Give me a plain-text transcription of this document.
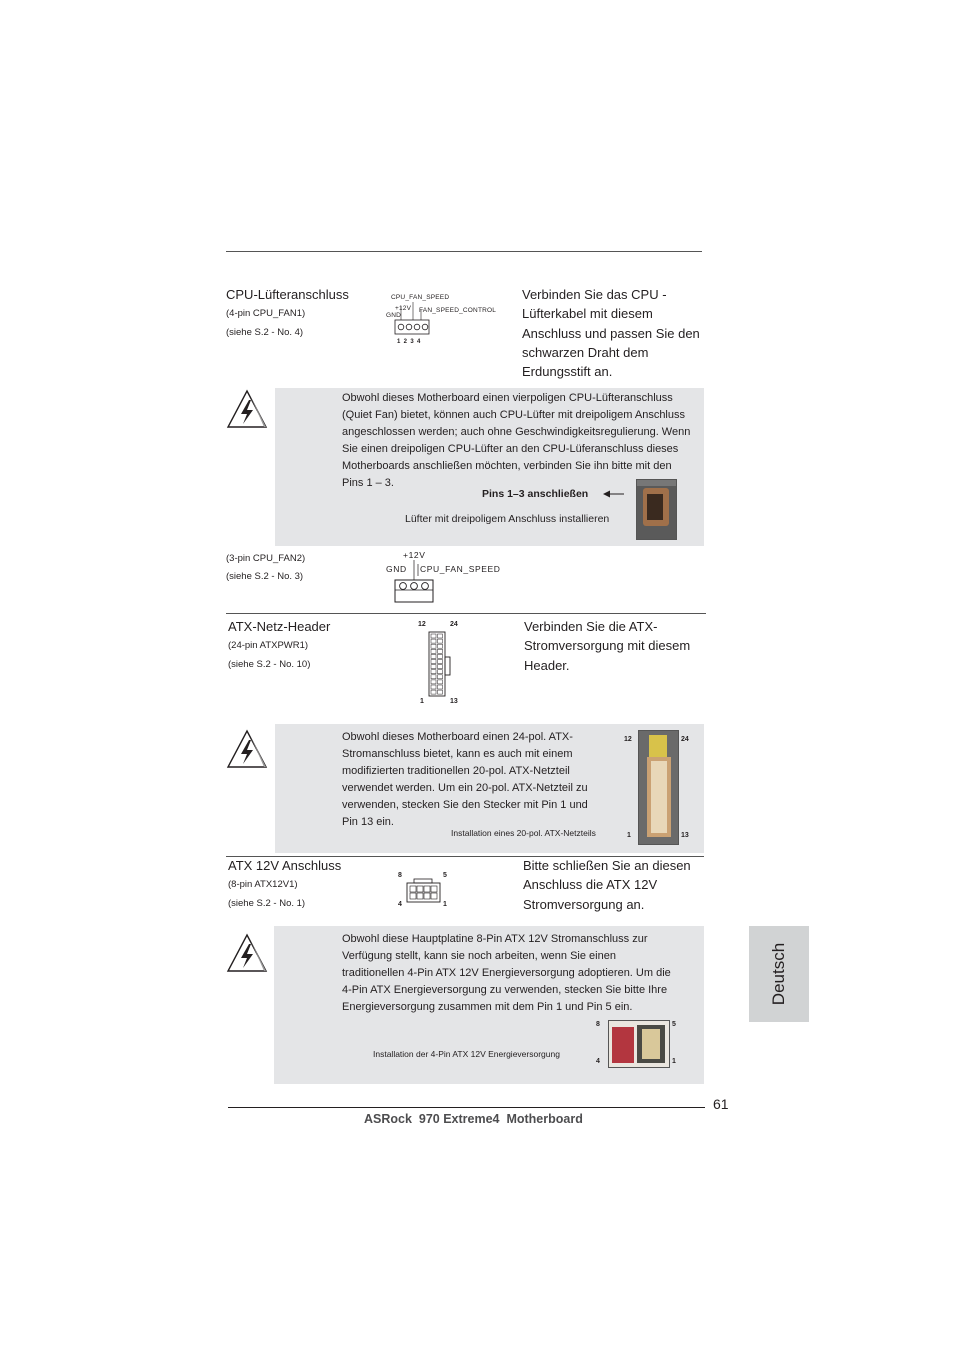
CPU-Lüfteranschluss
(4-pin CPU_FAN1)
(siehe S.2 - No. 4)
CPU_FAN_SPEED
+12V
GND
FAN_SPEED_CONTROL
1  2  3  4
Verbinden Sie das CPU -
Lüfterkabel mit diesem
Anschluss und passen Sie den
schwarzen Draht dem
Erdungsstift an.
Obwohl dieses Motherboard einen vierpoligen CPU-Lüfteranschluss
(Quiet Fan) bietet, können auch CPU-Lüfter mit dreipoligem Anschluss
angeschlossen werden; auch ohne Geschwindigkeitsregulierung. Wenn
Sie einen dreipoligen CPU-Lüfter an den CPU-Lüferanschluss dieses
Motherboards anschließen möchten, verbinden Sie ihn bitte mit den
Pins 1 – 3.
Pins 1–3 anschließen
Lüfter mit dreipoligem Anschluss installieren
(3-pin CPU_FAN2)
(siehe S.2 - No. 3)
+12V
GND CPU_FAN_SPEED
ATX-Netz-Header
(24-pin ATXPWR1)
(siehe S.2 - No. 10)
12	24
1	13
Verbinden Sie die ATX-
Stromversorgung mit diesem
Header.
Obwohl dieses Motherboard einen 24-pol. ATX-
Stromanschluss bietet, kann es auch mit einem
modifizierten traditionellen 20-pol. ATX-Netzteil
verwendet werden. Um ein 20-pol. ATX-Netzteil zu
verwenden, stecken Sie den Stecker mit Pin 1 und
Pin 13 ein.
Installation eines 20-pol. ATX-Netzteils
12	24
1	13
ATX 12V Anschluss
(8-pin ATX12V1)
(siehe S.2 - No. 1)
8	5
4	1
Bitte schließen Sie an diesen
Anschluss die ATX 12V
Stromversorgung an.
Obwohl diese Hauptplatine 8-Pin ATX 12V Stromanschluss zur
Verfügung stellt, kann sie noch arbeiten, wenn Sie einen
traditionellen 4-Pin ATX 12V Energieversorgung adoptieren. Um die
4-Pin ATX Energieversorgung zu verwenden, stecken Sie bitte Ihre
Energieversorgung zusammen mit dem Pin 1 und Pin 5 ein.
Installation der 4-Pin ATX 12V Energieversorgung
8	5
4	1
Deutsch
61
ASRock  970 Extreme4  Motherboard
